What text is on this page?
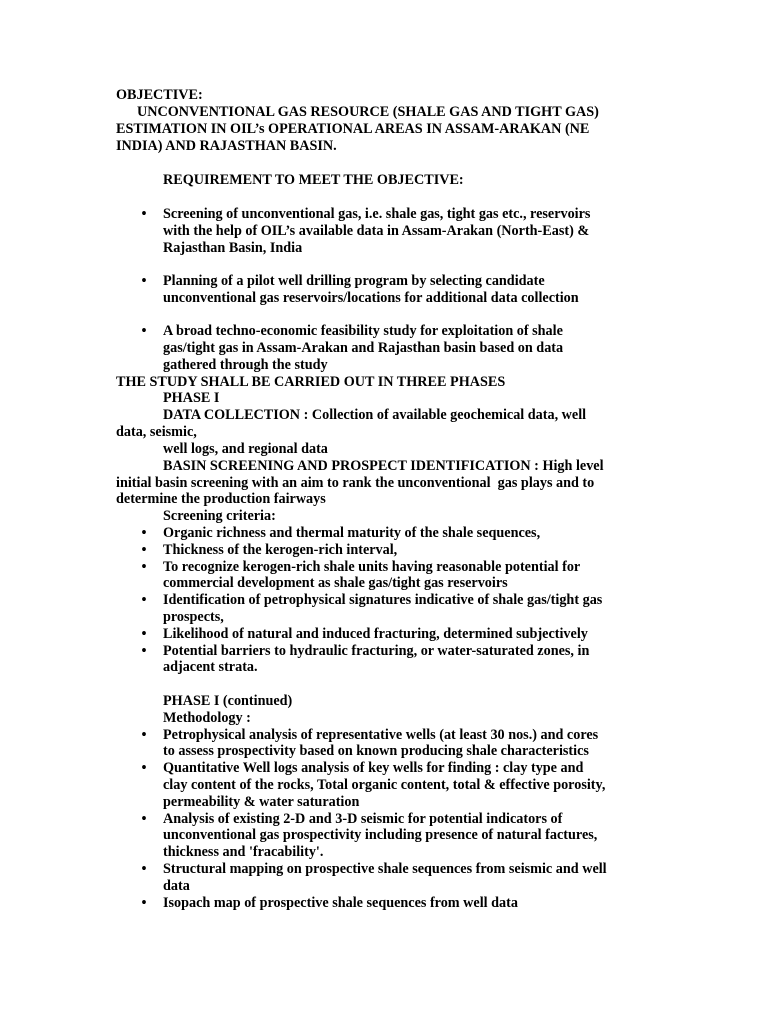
OBJECTIVE:
UNCONVENTIONAL GAS RESOURCE (SHALE GAS AND TIGHT GAS)
ESTIMATION IN OIL’s OPERATIONAL AREAS IN ASSAM-ARAKAN (NE
INDIA) AND RAJASTHAN BASIN.
REQUIREMENT TO MEET THE OBJECTIVE:
•	Screening of unconventional gas, i.e. shale gas, tight gas etc., reservoirs
with the help of OIL’s available data in Assam-Arakan (North-East) &
Rajasthan Basin, India
•	Planning of a pilot well drilling program by selecting candidate
unconventional gas reservoirs/locations for additional data collection
•	A broad techno-economic feasibility study for exploitation of shale
gas/tight gas in Assam-Arakan and Rajasthan basin based on data
gathered through the study
THE STUDY SHALL BE CARRIED OUT IN THREE PHASES
PHASE I
DATA COLLECTION : Collection of available geochemical data, well
data, seismic,
well logs, and regional data
BASIN SCREENING AND PROSPECT IDENTIFICATION : High level
initial basin screening with an aim to rank the unconventional  gas plays and to
determine the production fairways
Screening criteria:
•	Organic richness and thermal maturity of the shale sequences,
•	Thickness of the kerogen-rich interval,
•	To recognize kerogen-rich shale units having reasonable potential for
commercial development as shale gas/tight gas reservoirs
•	Identification of petrophysical signatures indicative of shale gas/tight gas
prospects,
•	Likelihood of natural and induced fracturing, determined subjectively
•	Potential barriers to hydraulic fracturing, or water-saturated zones, in
adjacent strata.
PHASE I (continued)
Methodology :
•	Petrophysical analysis of representative wells (at least 30 nos.) and cores
to assess prospectivity based on known producing shale characteristics
•	Quantitative Well logs analysis of key wells for finding : clay type and
clay content of the rocks, Total organic content, total & effective porosity,
permeability & water saturation
•	Analysis of existing 2-D and 3-D seismic for potential indicators of
unconventional gas prospectivity including presence of natural factures,
thickness and 'fracability'.
•	Structural mapping on prospective shale sequences from seismic and well
data
•	Isopach map of prospective shale sequences from well data
